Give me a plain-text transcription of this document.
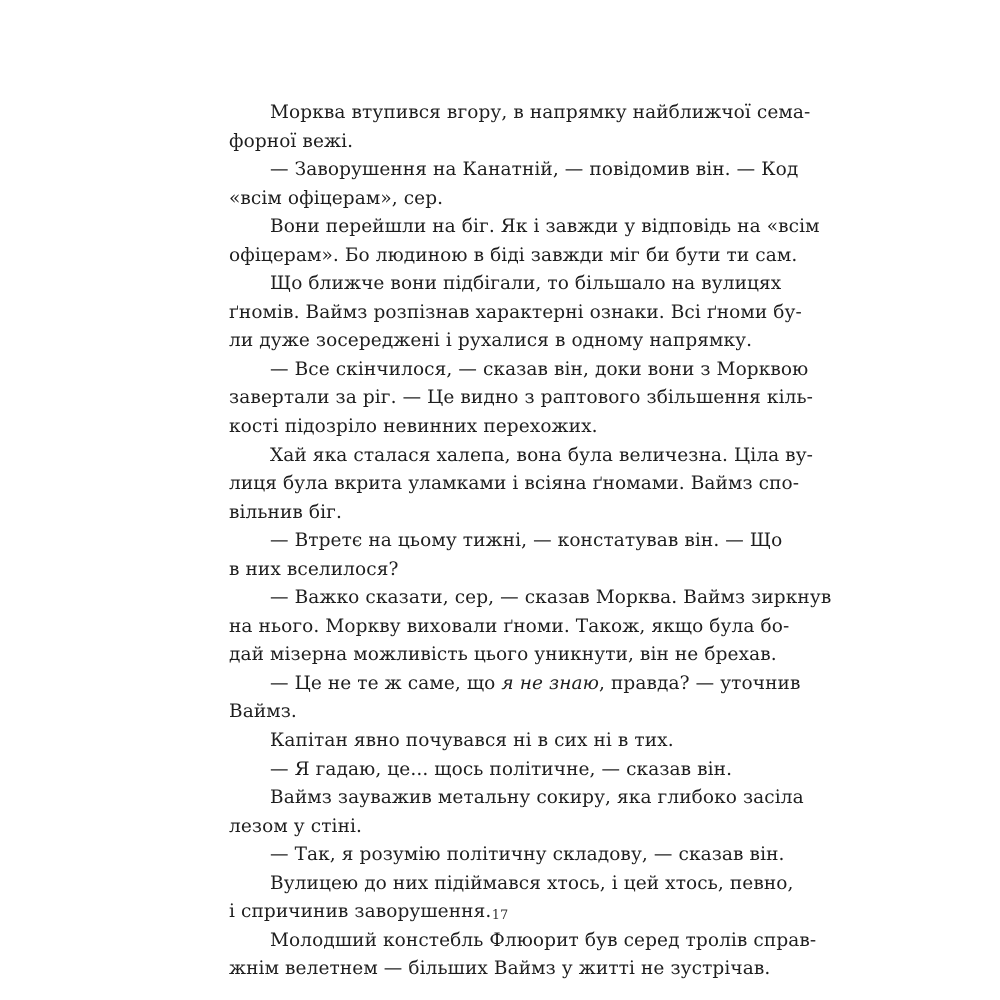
Морква втупився вгору, в напрямку найближчої сема-
форної вежі.
— Заворушення на Канатній, — повідомив він. — Код
«всім офіцерам», сер.
Вони перейшли на біг. Як і завжди у відповідь на «всім
офіцерам». Бо людиною в біді завжди міг би бути ти сам.
Що ближче вони підбігали, то більшало на вулицях
ґномів. Ваймз розпізнав характерні ознаки. Всі ґноми бу-
ли дуже зосереджені і рухалися в одному напрямку.
— Все скінчилося, — сказав він, доки вони з Морквою
завертали за ріг. — Це видно з раптового збільшення кіль-
кості підозріло невинних перехожих.
Хай яка сталася халепа, вона була величезна. Ціла ву-
лиця була вкрита уламками і всіяна ґномами. Ваймз спо-
вільнив біг.
— Втретє на цьому тижні, — констатував він. — Що
в них вселилося?
— Важко сказати, сер, — сказав Морква. Ваймз зиркнув
на нього. Моркву виховали ґноми. Також, якщо була бо-
дай мізерна можливість цього уникнути, він не брехав.
— Це не те ж саме, що я не знаю, правда? — уточнив
Ваймз.
Капітан явно почувався ні в сих ні в тих.
— Я гадаю, це... щось політичне, — сказав він.
Ваймз зауважив метальну сокиру, яка глибоко засіла
лезом у стіні.
— Так, я розумію політичну складову, — сказав він.
Вулицею до них підіймався хтось, і цей хтось, певно,
і спричинив заворушення.
Молодший констебль Флюорит був серед тролів справ-
жнім велетнем — більших Ваймз у житті не зустрічав.
17
